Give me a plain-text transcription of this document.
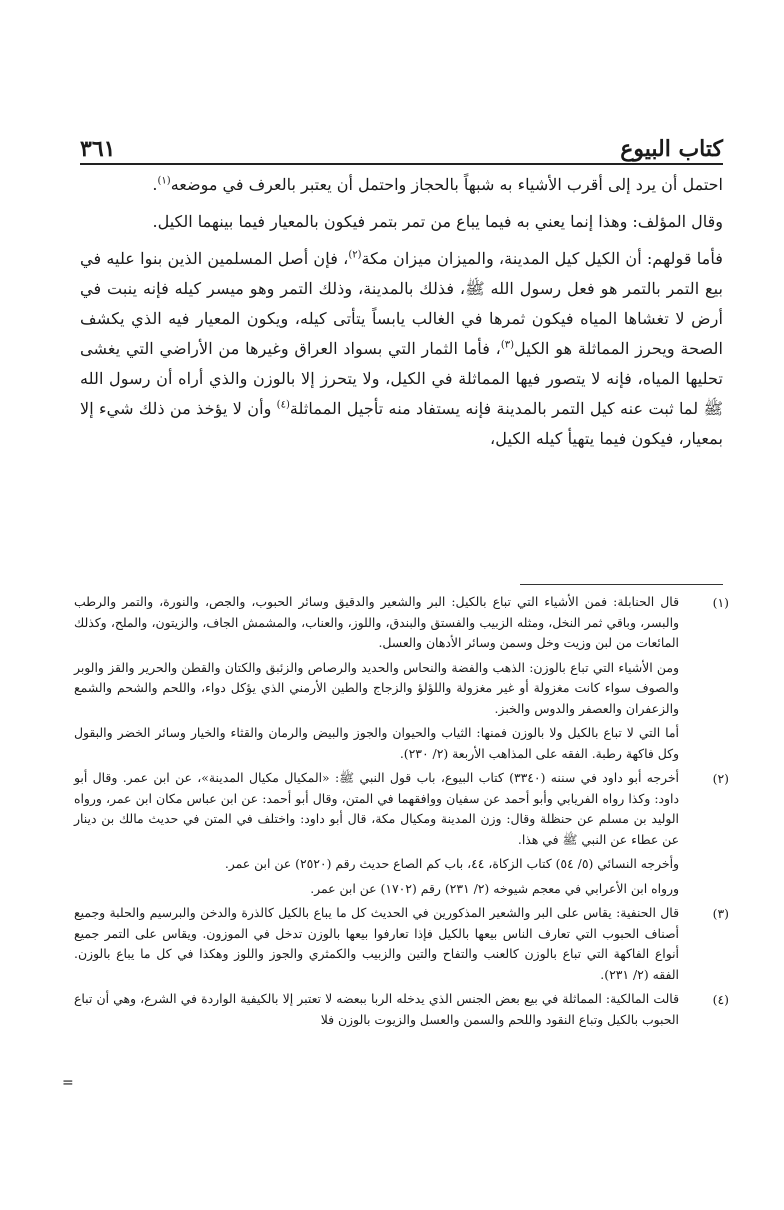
كتاب البيوع
٣٦١

احتمل أن يرد إلى أقرب الأشياء به شبهاً بالحجاز واحتمل أن يعتبر بالعرف في موضعه$^{(١)}$.

وقال المؤلف: وهذا إنما يعني به فيما يباع من تمر بتمر فيكون بالمعيار فيما بينهما الكيل.

فأما قولهم: أن الكيل كيل المدينة، والميزان ميزان مكة$^{(٢)}$، فإن أصل المسلمين الذين بنوا عليه في بيع التمر بالتمر هو فعل رسول الله ﷺ، فذلك بالمدينة، وذلك التمر وهو ميسر كيله فإنه ينبت في أرض لا تغشاها المياه فيكون ثمرها في الغالب يابساً يتأتى كيله، ويكون المعيار فيه الذي يكشف الصحة ويحرز المماثلة هو الكيل$^{(٣)}$، فأما الثمار التي بسواد العراق وغيرها من الأراضي التي يغشى تحليها المياه، فإنه لا يتصور فيها المماثلة في الكيل، ولا يتحرز إلا بالوزن والذي أراه أن رسول الله ﷺ لما ثبت عنه كيل التمر بالمدينة فإنه يستفاد منه تأجيل المماثلة$^{(٤)}$ وأن لا يؤخذ من ذلك شيء إلا بمعيار، فيكون فيما يتهيأ كيله الكيل،

(١)

قال الحنابلة: فمن الأشياء التي تباع بالكيل: البر والشعير والدقيق وسائر الحبوب، والجص، والنورة، والتمر والرطب والبسر، وباقي ثمر النخل، ومثله الزبيب والفستق والبندق، واللوز، والعناب، والمشمش الجاف، والزيتون، والملح، وكذلك المائعات من لبن وزيت وخل وسمن وسائر الأدهان والعسل.

ومن الأشياء التي تباع بالوزن: الذهب والفضة والنحاس والحديد والرصاص والزئبق والكتان والقطن والحرير والقز والوبر والصوف سواء كانت مغزولة أو غير مغزولة واللؤلؤ والزجاج والطين الأرمني الذي يؤكل دواء، واللحم والشحم والشمع والزعفران والعصفر والدوس والخبز.

أما التي لا تباع بالكيل ولا بالوزن فمنها: الثياب والحيوان والجوز والبيض والرمان والقثاء والخيار وسائر الخضر والبقول وكل فاكهة رطبة. الفقه على المذاهب الأربعة (٢/ ٢٣٠).

(٢)

أخرجه أبو داود في سننه (٣٣٤٠) كتاب البيوع، باب قول النبي ﷺ: «المكيال مكيال المدينة»، عن ابن عمر. وقال أبو داود: وكذا رواه الفريابي وأبو أحمد عن سفيان ووافقهما في المتن، وقال أبو أحمد: عن ابن عباس مكان ابن عمر، ورواه الوليد بن مسلم عن حنظلة وقال: وزن المدينة ومكيال مكة، قال أبو داود: واختلف في المتن في حديث مالك بن دينار عن عطاء عن النبي ﷺ في هذا.

وأخرجه النسائي (٥/ ٥٤) كتاب الزكاة، ٤٤، باب كم الصاع حديث رقم (٢٥٢٠) عن ابن عمر.

ورواه ابن الأعرابي في معجم شيوخه (٢/ ٢٣١) رقم (١٧٠٢) عن ابن عمر.

(٣)

قال الحنفية: يقاس على البر والشعير المذكورين في الحديث كل ما يباع بالكيل كالذرة والدخن والبرسيم والحلبة وجميع أصناف الحبوب التي تعارف الناس بيعها بالكيل فإذا تعارفوا بيعها بالوزن تدخل في الموزون. ويقاس على التمر جميع أنواع الفاكهة التي تباع بالوزن كالعنب والتفاح والتين والزبيب والكمثري والجوز واللوز وهكذا في كل ما يباع بالوزن. الفقه (٢/ ٢٣١).

(٤)

قالت المالكية: المماثلة في بيع بعض الجنس الذي يدخله الربا ببعضه لا تعتبر إلا بالكيفية الواردة في الشرع، وهي أن تباع الحبوب بالكيل وتباع النقود واللحم والسمن والعسل والزيوت بالوزن فلا

=
